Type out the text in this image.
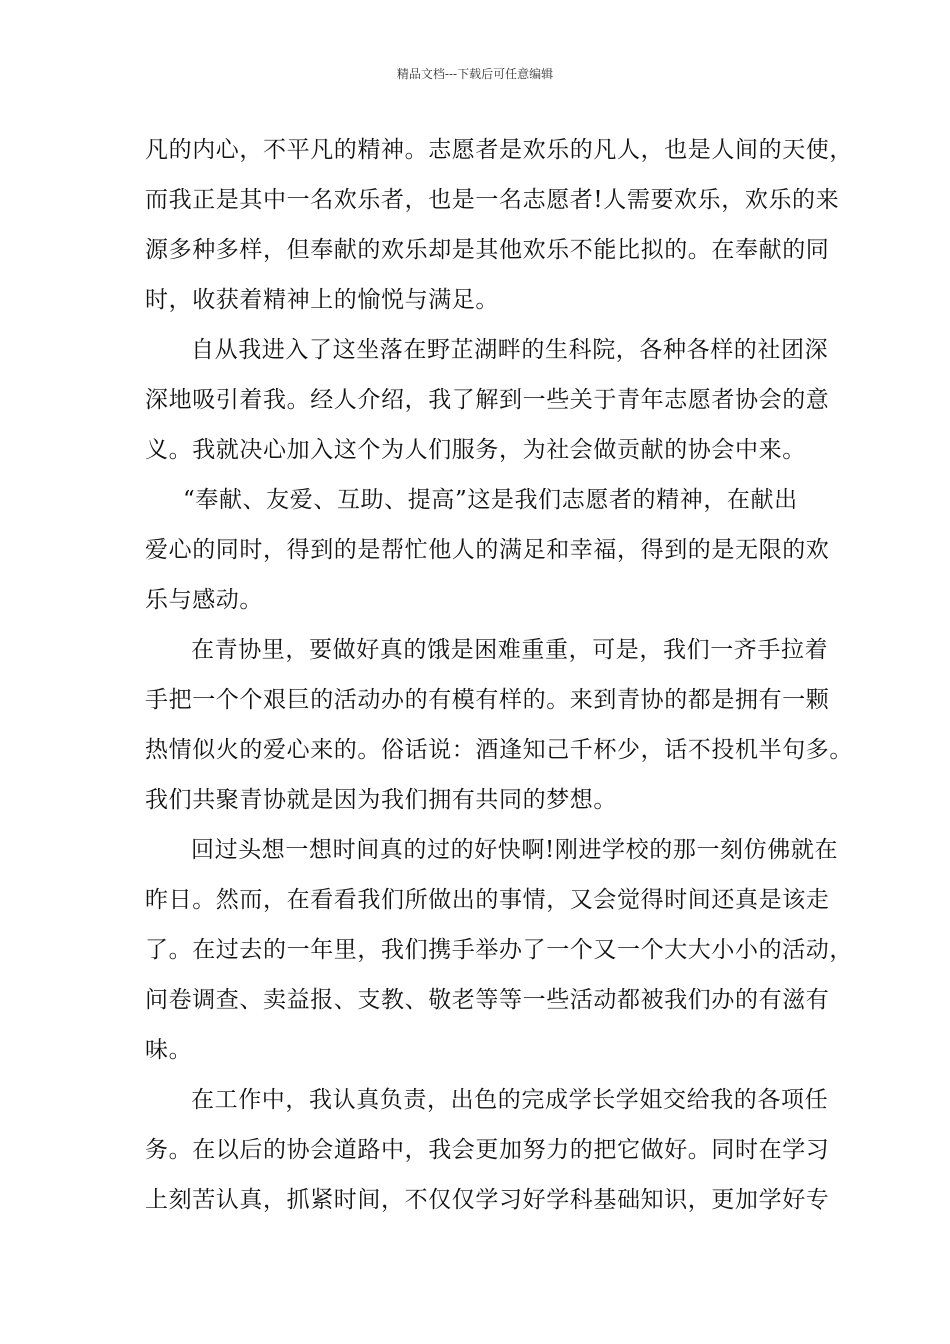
精品文档---下载后可任意编辑
凡的内心，不平凡的精神。志愿者是欢乐的凡人，也是人间的天使，
而我正是其中一名欢乐者，也是一名志愿者!人需要欢乐，欢乐的来
源多种多样，但奉献的欢乐却是其他欢乐不能比拟的。在奉献的同
时，收获着精神上的愉悦与满足。
自从我进入了这坐落在野芷湖畔的生科院，各种各样的社团深
深地吸引着我。经人介绍，我了解到一些关于青年志愿者协会的意
义。我就决心加入这个为人们服务，为社会做贡献的协会中来。
“奉献、友爱、互助、提高”这是我们志愿者的精神，在献出
爱心的同时，得到的是帮忙他人的满足和幸福，得到的是无限的欢
乐与感动。
在青协里，要做好真的饿是困难重重，可是，我们一齐手拉着
手把一个个艰巨的活动办的有模有样的。来到青协的都是拥有一颗
热情似火的爱心来的。俗话说：酒逢知己千杯少，话不投机半句多。
我们共聚青协就是因为我们拥有共同的梦想。
回过头想一想时间真的过的好快啊!刚进学校的那一刻仿佛就在
昨日。然而，在看看我们所做出的事情，又会觉得时间还真是该走
了。在过去的一年里，我们携手举办了一个又一个大大小小的活动，
问卷调查、卖益报、支教、敬老等等一些活动都被我们办的有滋有
味。
在工作中，我认真负责，出色的完成学长学姐交给我的各项任
务。在以后的协会道路中，我会更加努力的把它做好。同时在学习
上刻苦认真，抓紧时间，不仅仅学习好学科基础知识，更加学好专
